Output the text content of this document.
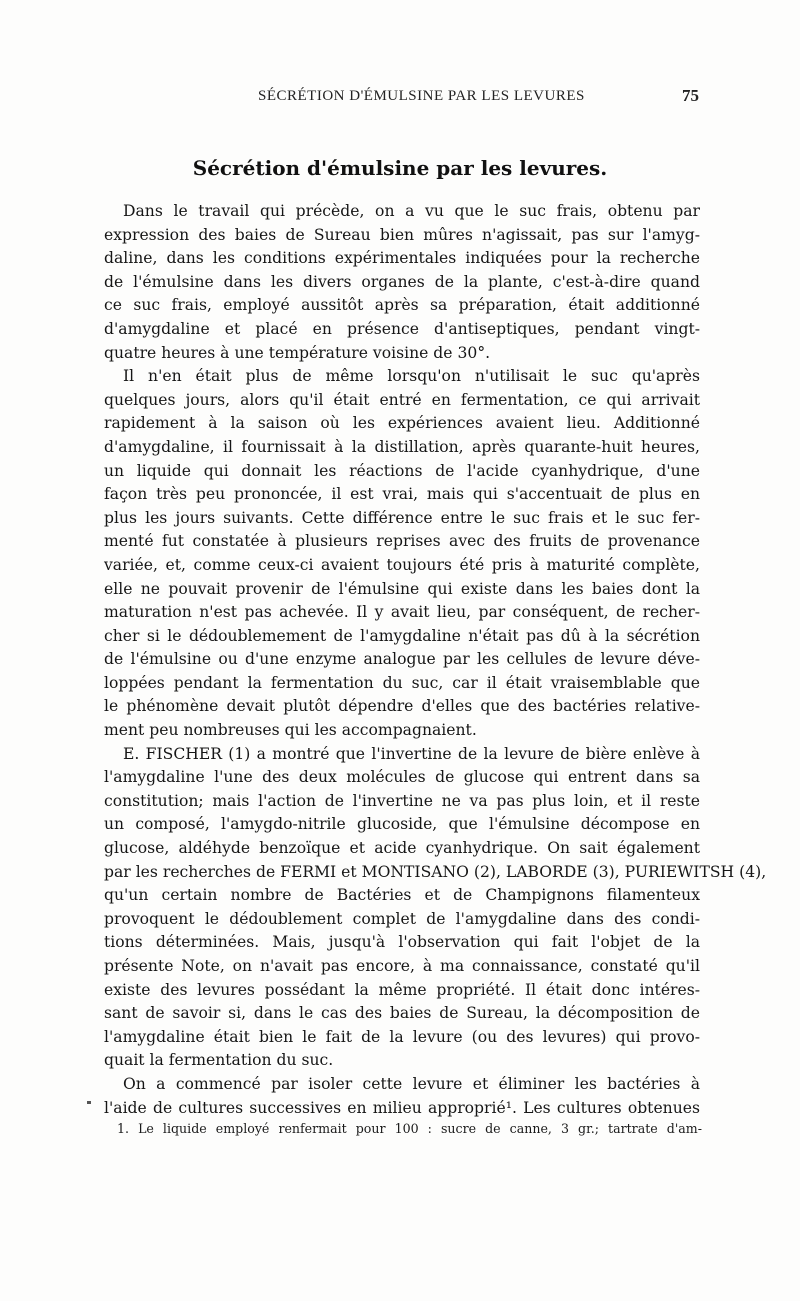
SÉCRÉTION D'ÉMULSINE PAR LES LEVURES	75
Sécrétion d'émulsine par les levures.
Dans le travail qui précède, on a vu que le suc frais, obtenu par
expression des baies de Sureau bien mûres n'agissait, pas sur l'amyg-
daline, dans les conditions expérimentales indiquées pour la recherche
de l'émulsine dans les divers organes de la plante, c'est-à-dire quand
ce suc frais, employé aussitôt après sa préparation, était additionné
d'amygdaline et placé en présence d'antiseptiques, pendant vingt-
quatre heures à une température voisine de 30°.
Il n'en était plus de même lorsqu'on n'utilisait le suc qu'après
quelques jours, alors qu'il était entré en fermentation, ce qui arrivait
rapidement à la saison où les expériences avaient lieu. Additionné
d'amygdaline, il fournissait à la distillation, après quarante-huit heures,
un liquide qui donnait les réactions de l'acide cyanhydrique, d'une
façon très peu prononcée, il est vrai, mais qui s'accentuait de plus en
plus les jours suivants. Cette différence entre le suc frais et le suc fer-
menté fut constatée à plusieurs reprises avec des fruits de provenance
variée, et, comme ceux-ci avaient toujours été pris à maturité complète,
elle ne pouvait provenir de l'émulsine qui existe dans les baies dont la
maturation n'est pas achevée. Il y avait lieu, par conséquent, de recher-
cher si le dédoublemement de l'amygdaline n'était pas dû à la sécrétion
de l'émulsine ou d'une enzyme analogue par les cellules de levure déve-
loppées pendant la fermentation du suc, car il était vraisemblable que
le phénomène devait plutôt dépendre d'elles que des bactéries relative-
ment peu nombreuses qui les accompagnaient.
E. FISCHER (1) a montré que l'invertine de la levure de bière enlève à
l'amygdaline l'une des deux molécules de glucose qui entrent dans sa
constitution; mais l'action de l'invertine ne va pas plus loin, et il reste
un composé, l'amygdo-nitrile glucoside, que l'émulsine décompose en
glucose, aldéhyde benzoïque et acide cyanhydrique. On sait également
par les recherches de FERMI et MONTISANO (2), LABORDE (3), PURIEWITSH (4),
qu'un certain nombre de Bactéries et de Champignons filamenteux
provoquent le dédoublement complet de l'amygdaline dans des condi-
tions déterminées. Mais, jusqu'à l'observation qui fait l'objet de la
présente Note, on n'avait pas encore, à ma connaissance, constaté qu'il
existe des levures possédant la même propriété. Il était donc intéres-
sant de savoir si, dans le cas des baies de Sureau, la décomposition de
l'amygdaline était bien le fait de la levure (ou des levures) qui provo-
quait la fermentation du suc.
On a commencé par isoler cette levure et éliminer les bactéries à
l'aide de cultures successives en milieu approprié¹. Les cultures obtenues
1. Le liquide employé renfermait pour 100 : sucre de canne, 3 gr.; tartrate d'am-
